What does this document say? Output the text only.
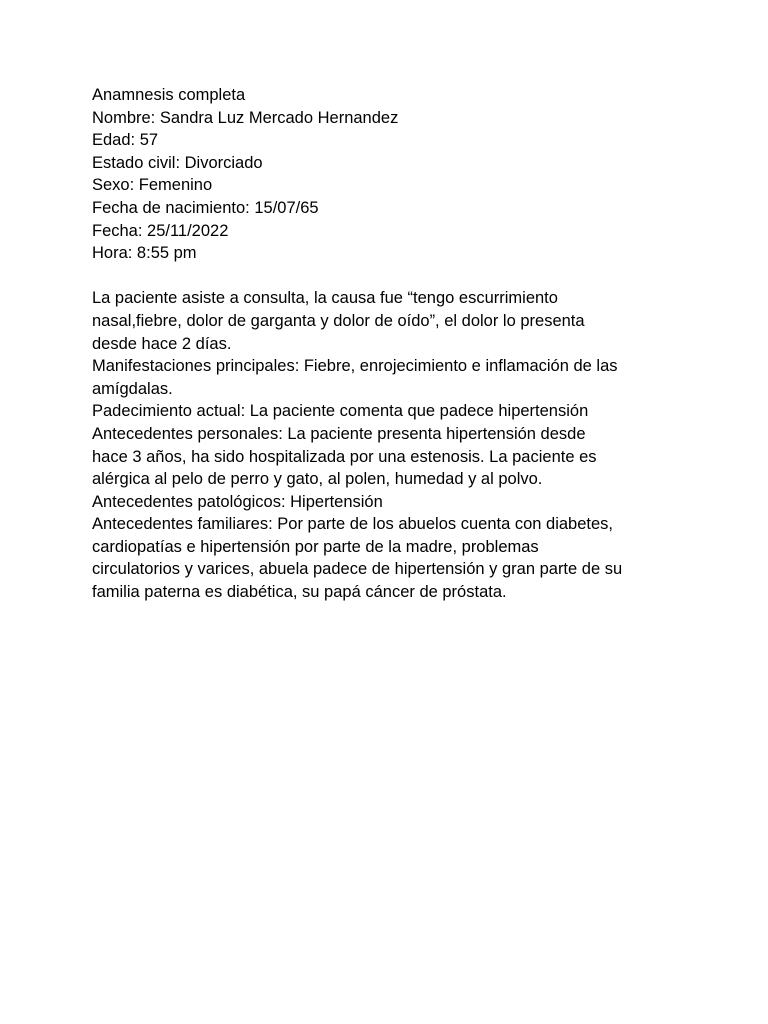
Anamnesis completa
Nombre: Sandra Luz Mercado Hernandez
Edad: 57
Estado civil: Divorciado
Sexo: Femenino
Fecha de nacimiento: 15/07/65
Fecha: 25/11/2022
Hora: 8:55 pm
La paciente asiste a consulta, la causa fue “tengo escurrimiento
nasal,fiebre, dolor de garganta y dolor de oído”, el dolor lo presenta
desde hace 2 días.
Manifestaciones principales: Fiebre, enrojecimiento e inflamación de las
amígdalas.
Padecimiento actual: La paciente comenta que padece hipertensión
Antecedentes personales: La paciente presenta hipertensión desde
hace 3 años, ha sido hospitalizada por una estenosis. La paciente es
alérgica al pelo de perro y gato, al polen, humedad y al polvo.
Antecedentes patológicos: Hipertensión
Antecedentes familiares: Por parte de los abuelos cuenta con diabetes,
cardiopatías e hipertensión por parte de la madre, problemas
circulatorios y varices, abuela padece de hipertensión y gran parte de su
familia paterna es diabética, su papá cáncer de próstata.
